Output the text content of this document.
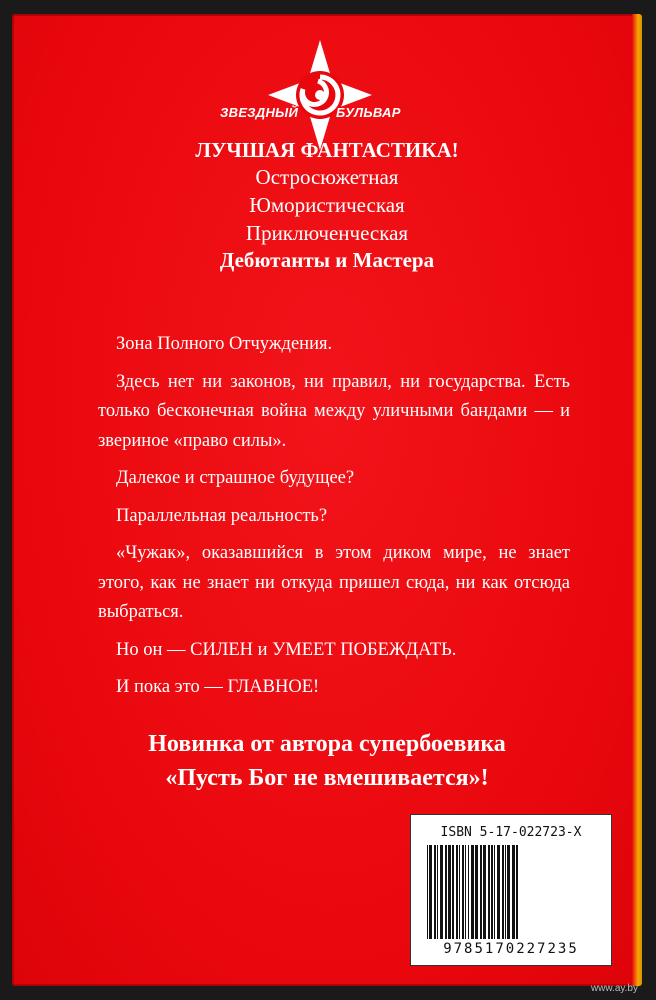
ЗВЕЗДНЫЙ	БУЛЬВАР
ЛУЧШАЯ ФАНТАСТИКА!
Остросюжетная
Юмористическая
Приключенческая
Дебютанты и Мастера

Зона Полного Отчуждения.

Здесь нет ни законов, ни правил, ни государства. Есть только бесконечная война между уличными бандами — и звериное «право силы».

Далекое и страшное будущее?

Параллельная реальность?

«Чужак», оказавшийся в этом диком мире, не знает этого, как не знает ни откуда пришел сюда, ни как отсюда выбраться.

Но он — СИЛЕН и УМЕЕТ ПОБЕЖДАТЬ.

И пока это — ГЛАВНОЕ!

Новинка от автора супербоевика
«Пусть Бог не вмешивается»!
ISBN 5-17-022723-X
9785170227235
www.ay.by
